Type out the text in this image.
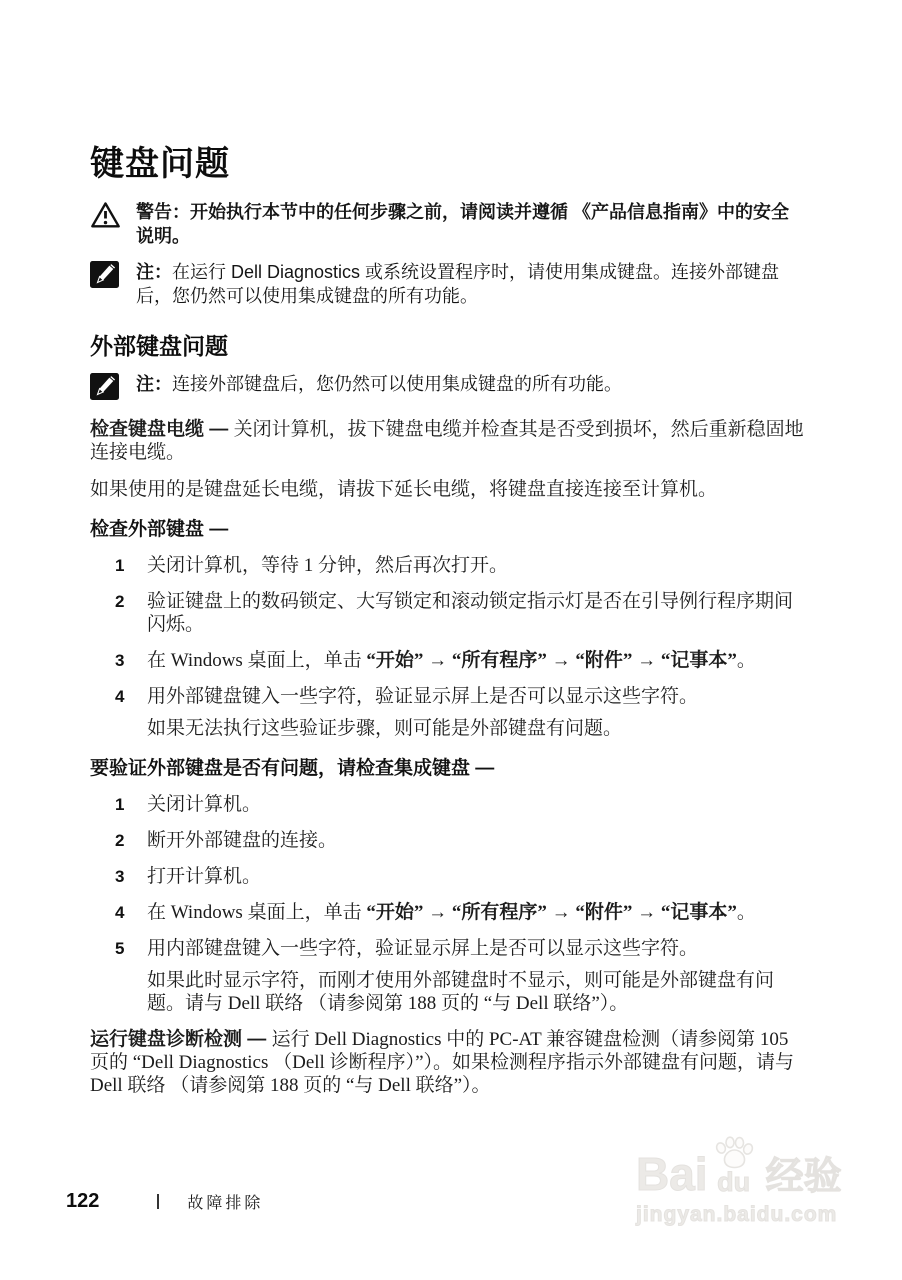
键盘问题
警告：开始执行本节中的任何步骤之前，请阅读并遵循 《产品信息指南》中的安全说明。
注：在运行 Dell Diagnostics 或系统设置程序时，请使用集成键盘。连接外部键盘后，您仍然可以使用集成键盘的所有功能。
外部键盘问题
注：连接外部键盘后，您仍然可以使用集成键盘的所有功能。

检查键盘电缆 — 关闭计算机，拔下键盘电缆并检查其是否受到损坏，然后重新稳固地连接电缆。

如果使用的是键盘延长电缆，请拔下延长电缆，将键盘直接连接至计算机。

检查外部键盘 —

1	关闭计算机，等待 1 分钟，然后再次打开。
2	验证键盘上的数码锁定、大写锁定和滚动锁定指示灯是否在引导例行程序期间闪烁。
3	在 Windows 桌面上，单击 “开始” → “所有程序” → “附件” → “记事本”。
4	用外部键盘键入一些字符，验证显示屏上是否可以显示这些字符。
如果无法执行这些验证步骤，则可能是外部键盘有问题。

要验证外部键盘是否有问题，请检查集成键盘 —

1	关闭计算机。
2	断开外部键盘的连接。
3	打开计算机。
4	在 Windows 桌面上，单击 “开始” → “所有程序” → “附件” → “记事本”。
5	用内部键盘键入一些字符，验证显示屏上是否可以显示这些字符。
如果此时显示字符，而刚才使用外部键盘时不显示，则可能是外部键盘有问题。请与 Dell 联络 （请参阅第 188 页的 “与 Dell 联络”）。

运行键盘诊断检测 — 运行 Dell Diagnostics 中的 PC-AT 兼容键盘检测（请参阅第 105 页的 “Dell Diagnostics （Dell 诊断程序）”）。如果检测程序指示外部键盘有问题，请与 Dell 联络 （请参阅第 188 页的 “与 Dell 联络”）。

122	故障排除
Bai du 经验
jingyan.baidu.com
